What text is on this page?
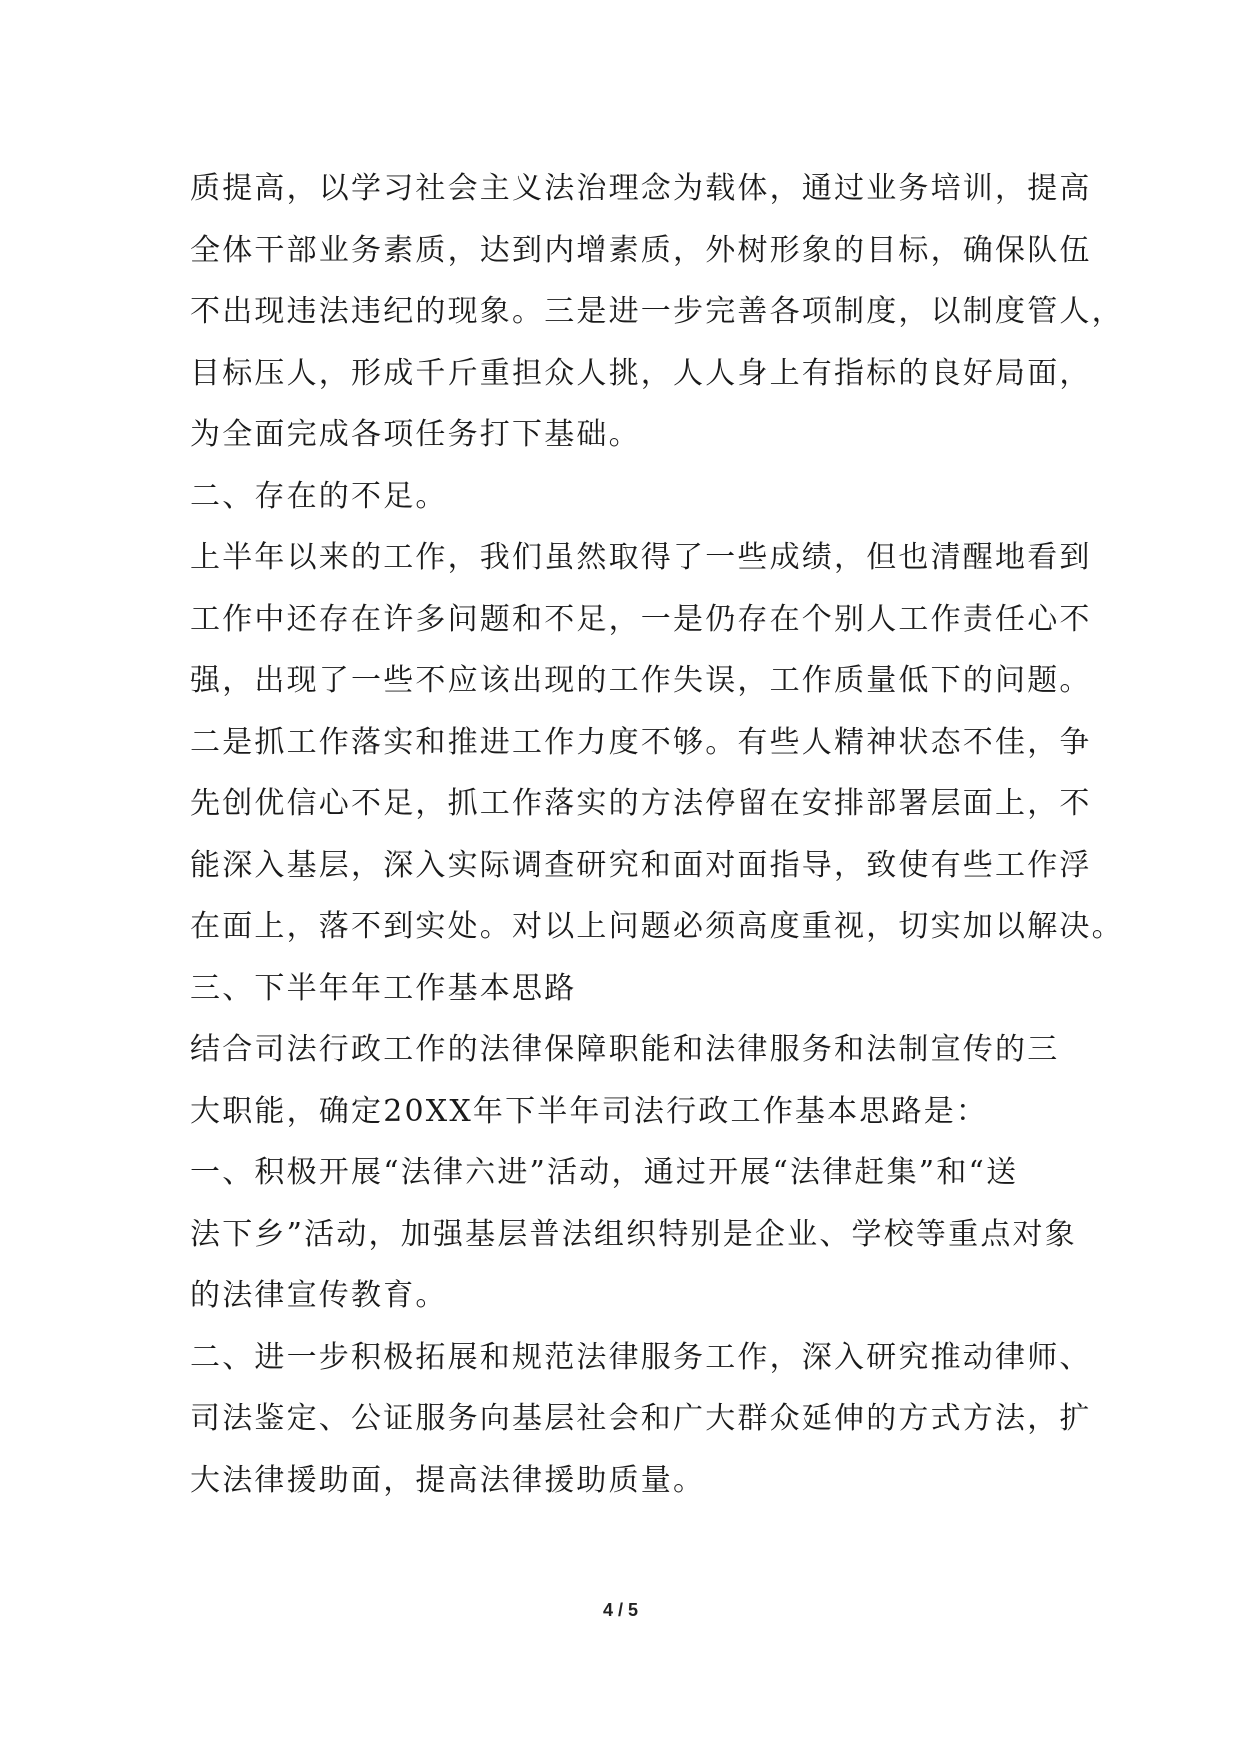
质提高，以学习社会主义法治理念为载体，通过业务培训，提高
全体干部业务素质，达到内增素质，外树形象的目标，确保队伍
不出现违法违纪的现象。三是进一步完善各项制度，以制度管人，
目标压人，形成千斤重担众人挑，人人身上有指标的良好局面，
为全面完成各项任务打下基础。
二、存在的不足。
上半年以来的工作，我们虽然取得了一些成绩，但也清醒地看到
工作中还存在许多问题和不足，一是仍存在个别人工作责任心不
强，出现了一些不应该出现的工作失误，工作质量低下的问题。
二是抓工作落实和推进工作力度不够。有些人精神状态不佳，争
先创优信心不足，抓工作落实的方法停留在安排部署层面上，不
能深入基层，深入实际调查研究和面对面指导，致使有些工作浮
在面上，落不到实处。对以上问题必须高度重视，切实加以解决。
三、下半年年工作基本思路
结合司法行政工作的法律保障职能和法律服务和法制宣传的三
大职能，确定20XX年下半年司法行政工作基本思路是：
一、积极开展“法律六进”活动，通过开展“法律赶集”和“送
法下乡”活动，加强基层普法组织特别是企业、学校等重点对象
的法律宣传教育。
二、进一步积极拓展和规范法律服务工作，深入研究推动律师、
司法鉴定、公证服务向基层社会和广大群众延伸的方式方法，扩
大法律援助面，提高法律援助质量。
4 / 5
